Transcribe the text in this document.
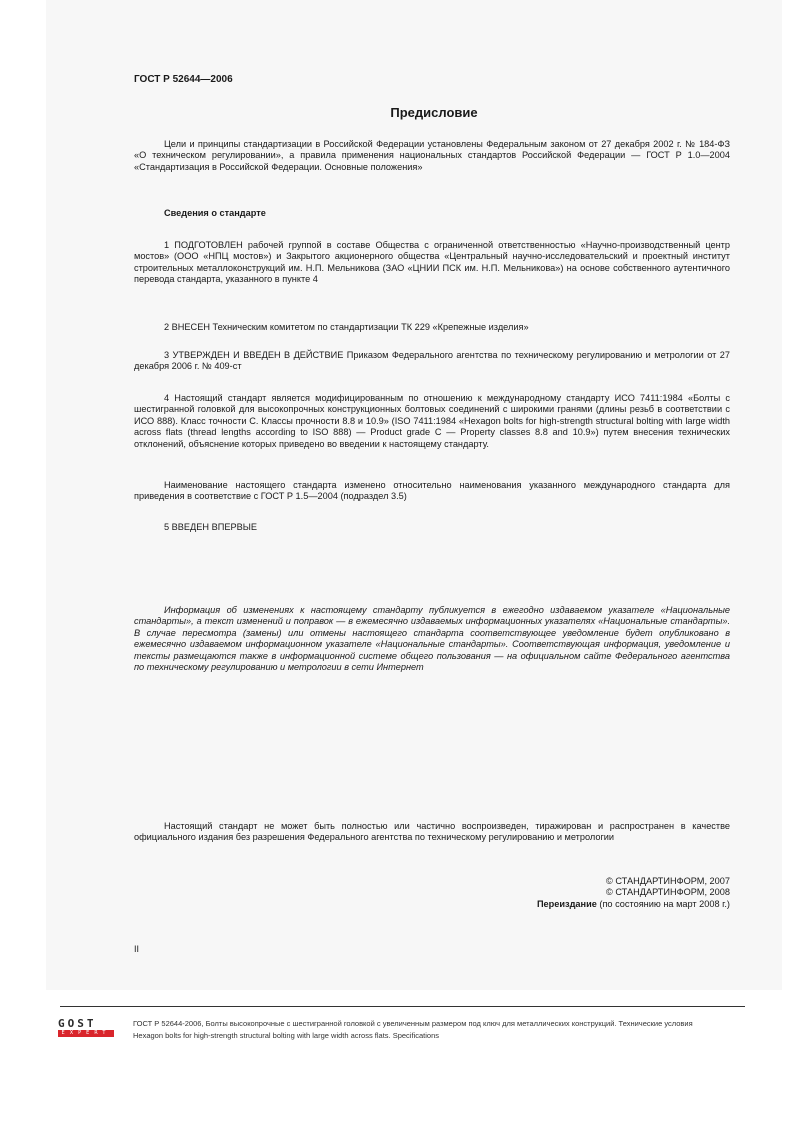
ГОСТ Р 52644—2006

Предисловие

Цели и принципы стандартизации в Российской Федерации установлены Федеральным законом от 27 декабря 2002 г. № 184-ФЗ «О техническом регулировании», а правила применения национальных стандартов Российской Федерации — ГОСТ Р 1.0—2004 «Стандартизация в Российской Федерации. Основные положения»

Сведения о стандарте

1 ПОДГОТОВЛЕН рабочей группой в составе Общества с ограниченной ответственностью «Научно-производственный центр мостов» (ООО «НПЦ мостов») и Закрытого акционерного общества «Центральный научно-исследовательский и проектный институт строительных металлоконструкций им. Н.П. Мельникова (ЗАО «ЦНИИ ПСК им. Н.П. Мельникова») на основе собственного аутентичного перевода стандарта, указанного в пункте 4

2 ВНЕСЕН Техническим комитетом по стандартизации ТК 229 «Крепежные изделия»

3 УТВЕРЖДЕН И ВВЕДЕН В ДЕЙСТВИЕ Приказом Федерального агентства по техническому регулированию и метрологии от 27 декабря 2006 г. № 409-ст

4 Настоящий стандарт является модифицированным по отношению к международному стандарту ИСО 7411:1984 «Болты с шестигранной головкой для высокопрочных конструкционных болтовых соединений с широкими гранями (длины резьб в соответствии с ИСО 888). Класс точности С. Классы прочности 8.8 и 10.9» (ISO 7411:1984 «Hexagon bolts for high-strength structural bolting with large width across flats (thread lengths according to ISO 888) — Product grade C — Property classes 8.8 and 10.9») путем внесения технических отклонений, объяснение которых приведено во введении к настоящему стандарту.

Наименование настоящего стандарта изменено относительно наименования указанного международного стандарта для приведения в соответствие с ГОСТ Р 1.5—2004 (подраздел 3.5)

5 ВВЕДЕН ВПЕРВЫЕ

Информация об изменениях к настоящему стандарту публикуется в ежегодно издаваемом указателе «Национальные стандарты», а текст изменений и поправок — в ежемесячно издаваемых информационных указателях «Национальные стандарты». В случае пересмотра (замены) или отмены настоящего стандарта соответствующее уведомление будет опубликовано в ежемесячно издаваемом информационном указателе «Национальные стандарты». Соответствующая информация, уведомление и тексты размещаются также в информационной системе общего пользования — на официальном сайте Федерального агентства по техническому регулированию и метрологии в сети Интернет

Настоящий стандарт не может быть полностью или частично воспроизведен, тиражирован и распространен в качестве официального издания без разрешения Федерального агентства по техническому регулированию и метрологии

© СТАНДАРТИНФОРМ, 2007
© СТАНДАРТИНФОРМ, 2008
Переиздание (по состоянию на март 2008 г.)

II

GOST
EXPERT
ГОСТ Р 52644-2006, Болты высокопрочные с шестигранной головкой с увеличенным размером под ключ для металлических конструкций. Технические условия
Hexagon bolts for high-strength structural bolting with large width across flats. Specifications
